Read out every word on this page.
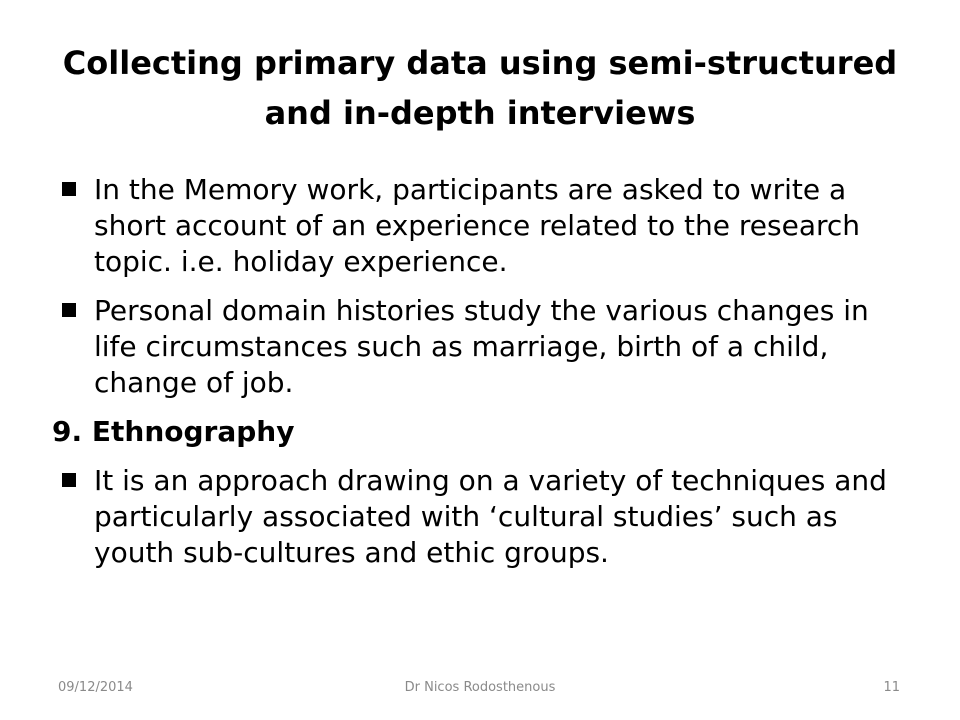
Collecting primary data using semi-structured
and in-depth interviews
In the Memory work, participants are asked to write a short account of an experience related to the research topic. i.e. holiday experience.
Personal domain histories study the various changes in life circumstances such as marriage, birth of a child, change of job.
9. Ethnography
It is an approach drawing on a variety of techniques and particularly associated with ‘cultural studies’ such as youth sub-cultures and ethic groups.
09/12/2014	Dr Nicos Rodosthenous	11
